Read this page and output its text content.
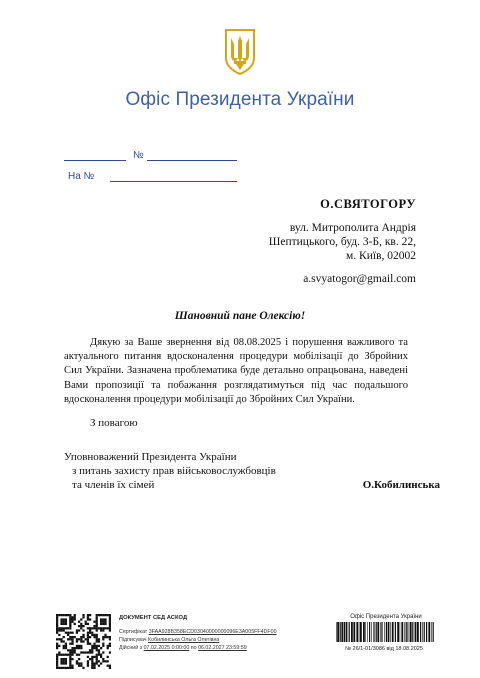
Офіс Президента України
№
На №
О.СВЯТОГОРУ
вул. Митрополита Андрія
Шептицького, буд. 3-Б, кв. 22,
м. Київ, 02002
a.svyatogor@gmail.com
Шановний пане Олексію!
Дякую за Ваше звернення від 08.08.2025 і порушення важливого та актуального питання вдосконалення процедури мобілізації до Збройних Сил України. Зазначена проблематика буде детально опрацьована, наведені Вами пропозиції та побажання розглядатимуться під час подальшого вдосконалення процедури мобілізації до Збройних Сил України.
З повагою
Уповноважений Президента України
з питань захисту прав військовослужбовців
та членів їх сімей	О.Кобилинська
ДОКУМЕНТ СЕД АСКОД
Сертифікат 3FAA928B358ECD03040000000096E3A005FF4DF00
Підписувач Кобилинська Ольга Олегівна
Дійсний з 07.02.2025 0:00:00 по 06.02.2027 23:59:59
Офіс Президента України
№ 26/1-01/3086 від 18.08.2025
